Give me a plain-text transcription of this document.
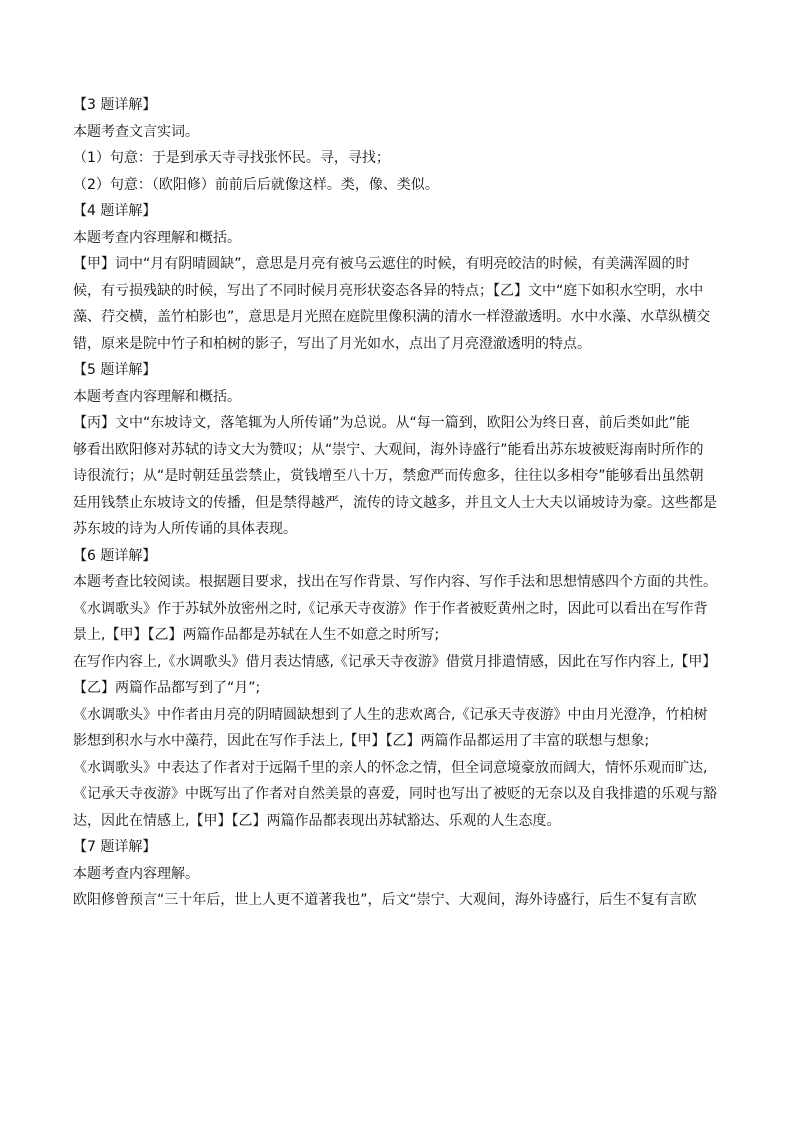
【3 题详解】
本题考查文言实词。
（1）句意：于是到承天寺寻找张怀民。寻，寻找；
（2）句意：（欧阳修）前前后后就像这样。类，像、类似。
【4 题详解】
本题考查内容理解和概括。
【甲】词中“月有阴晴圆缺”，意思是月亮有被乌云遮住的时候，有明亮皎洁的时候，有美满浑圆的时
候，有亏损残缺的时候，写出了不同时候月亮形状姿态各异的特点；【乙】文中“庭下如积水空明，水中
藻、荇交横，盖竹柏影也”，意思是月光照在庭院里像积满的清水一样澄澈透明。水中水藻、水草纵横交
错，原来是院中竹子和柏树的影子，写出了月光如水，点出了月亮澄澈透明的特点。
【5 题详解】
本题考查内容理解和概括。
【丙】文中“东坡诗文，落笔辄为人所传诵”为总说。从“每一篇到，欧阳公为终日喜，前后类如此”能
够看出欧阳修对苏轼的诗文大为赞叹；从“崇宁、大观间，海外诗盛行”能看出苏东坡被贬海南时所作的
诗很流行；从“是时朝廷虽尝禁止，赏钱增至八十万，禁愈严而传愈多，往往以多相夸”能够看出虽然朝
廷用钱禁止东坡诗文的传播，但是禁得越严，流传的诗文越多，并且文人士大夫以诵坡诗为豪。这些都是
苏东坡的诗为人所传诵的具体表现。
【6 题详解】
本题考查比较阅读。根据题目要求，找出在写作背景、写作内容、写作手法和思想情感四个方面的共性。
《水调歌头》作于苏轼外放密州之时,《记承天寺夜游》作于作者被贬黄州之时，因此可以看出在写作背
景上,【甲】【乙】两篇作品都是苏轼在人生不如意之时所写;
在写作内容上,《水调歌头》借月表达情感,《记承天寺夜游》借赏月排遣情感，因此在写作内容上,【甲】
【乙】两篇作品都写到了“月”;
《水调歌头》中作者由月亮的阴晴圆缺想到了人生的悲欢离合,《记承天寺夜游》中由月光澄净，竹柏树
影想到积水与水中藻荇，因此在写作手法上,【甲】【乙】两篇作品都运用了丰富的联想与想象;
《水调歌头》中表达了作者对于远隔千里的亲人的怀念之情，但全词意境豪放而阔大，情怀乐观而旷达,
《记承天寺夜游》中既写出了作者对自然美景的喜爱，同时也写出了被贬的无奈以及自我排遣的乐观与豁
达，因此在情感上,【甲】【乙】两篇作品都表现出苏轼豁达、乐观的人生态度。
【7 题详解】
本题考查内容理解。
欧阳修曾预言“三十年后，世上人更不道著我也”，后文“崇宁、大观间，海外诗盛行，后生不复有言欧
